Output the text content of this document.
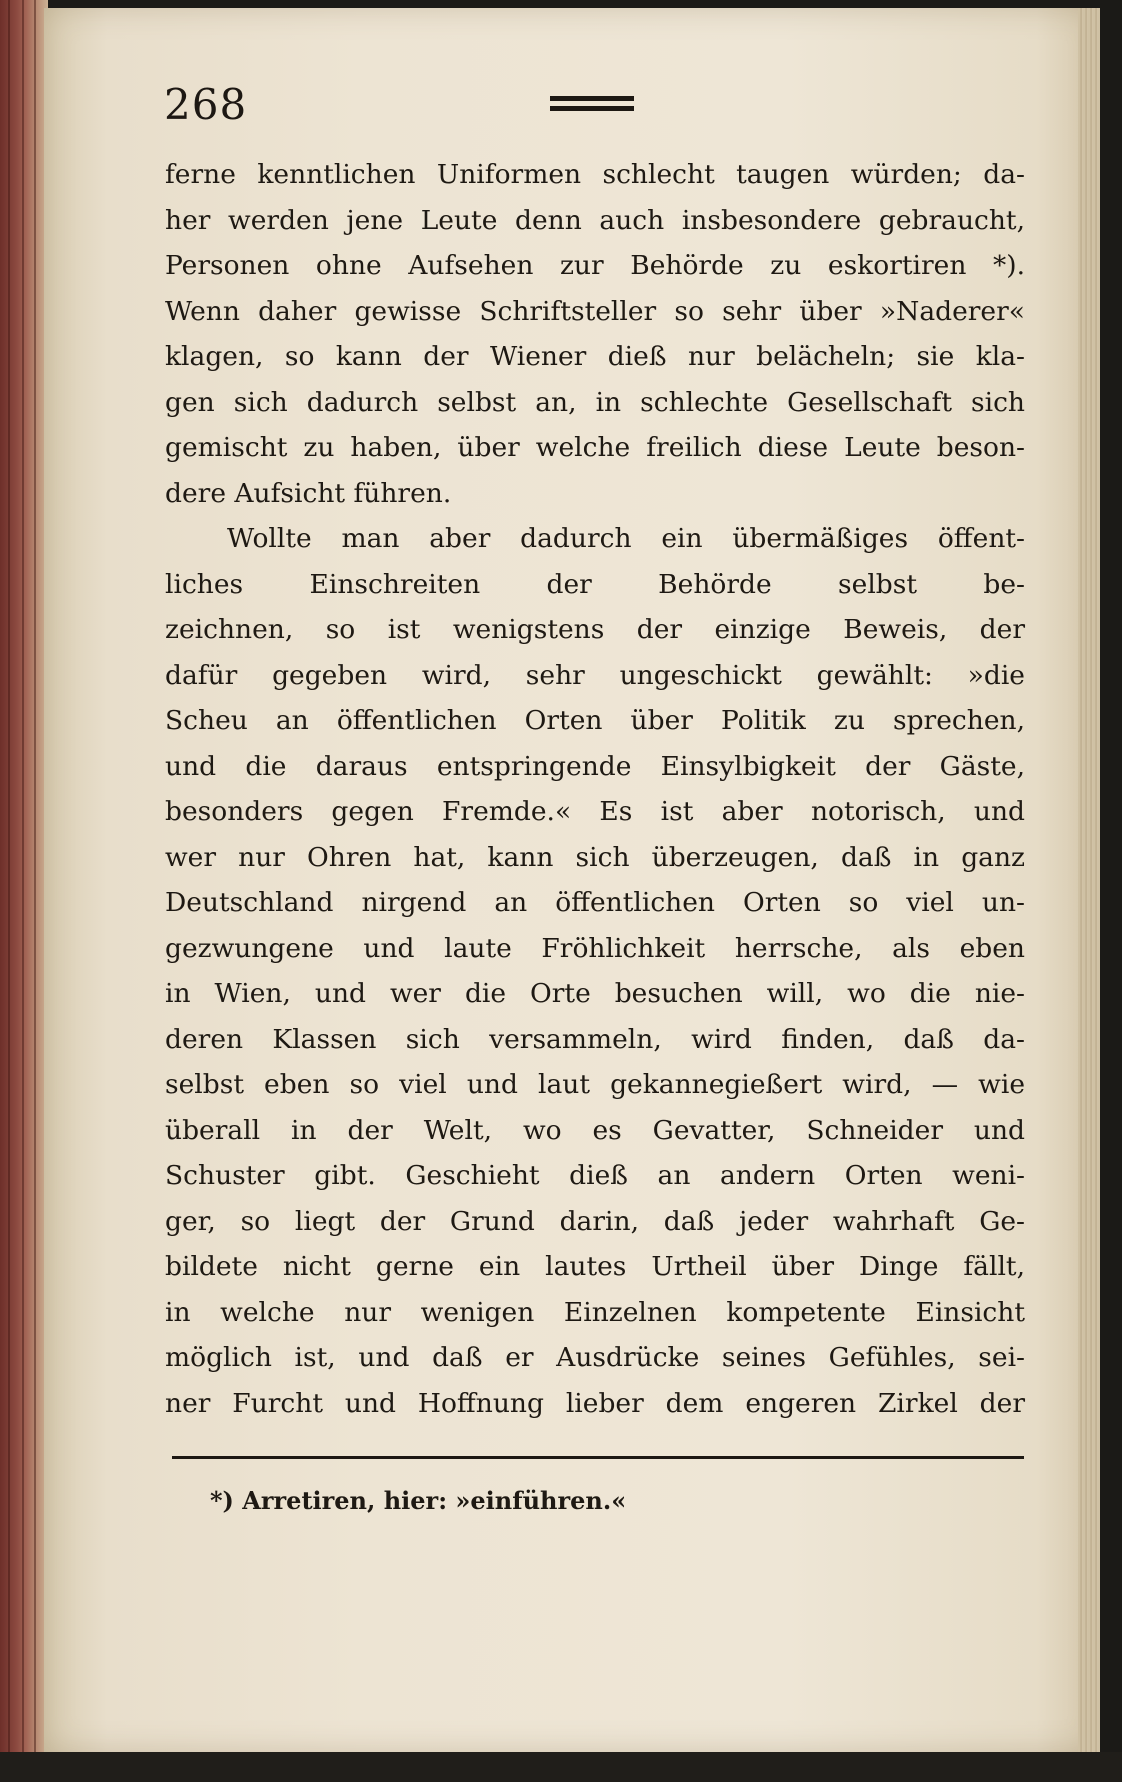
268
ferne kenntlichen Uniformen schlecht taugen würden; da-
her werden jene Leute denn auch insbesondere gebraucht,
Personen ohne Aufsehen zur Behörde zu eskortiren *).
Wenn daher gewisse Schriftsteller so sehr über »Naderer«
klagen, so kann der Wiener dieß nur belächeln; sie kla-
gen sich dadurch selbst an, in schlechte Gesellschaft sich
gemischt zu haben, über welche freilich diese Leute beson-
dere Aufsicht führen.
Wollte man aber dadurch ein übermäßiges öffent-
liches Einschreiten der Behörde selbst be-
zeichnen, so ist wenigstens der einzige Beweis, der
dafür gegeben wird, sehr ungeschickt gewählt: »die
Scheu an öffentlichen Orten über Politik zu sprechen,
und die daraus entspringende Einsylbigkeit der Gäste,
besonders gegen Fremde.« Es ist aber notorisch, und
wer nur Ohren hat, kann sich überzeugen, daß in ganz
Deutschland nirgend an öffentlichen Orten so viel un-
gezwungene und laute Fröhlichkeit herrsche, als eben
in Wien, und wer die Orte besuchen will, wo die nie-
deren Klassen sich versammeln, wird finden, daß da-
selbst eben so viel und laut gekannegießert wird, — wie
überall in der Welt, wo es Gevatter, Schneider und
Schuster gibt. Geschieht dieß an andern Orten weni-
ger, so liegt der Grund darin, daß jeder wahrhaft Ge-
bildete nicht gerne ein lautes Urtheil über Dinge fällt,
in welche nur wenigen Einzelnen kompetente Einsicht
möglich ist, und daß er Ausdrücke seines Gefühles, sei-
ner Furcht und Hoffnung lieber dem engeren Zirkel der
*) Arretiren, hier: »einführen.«
